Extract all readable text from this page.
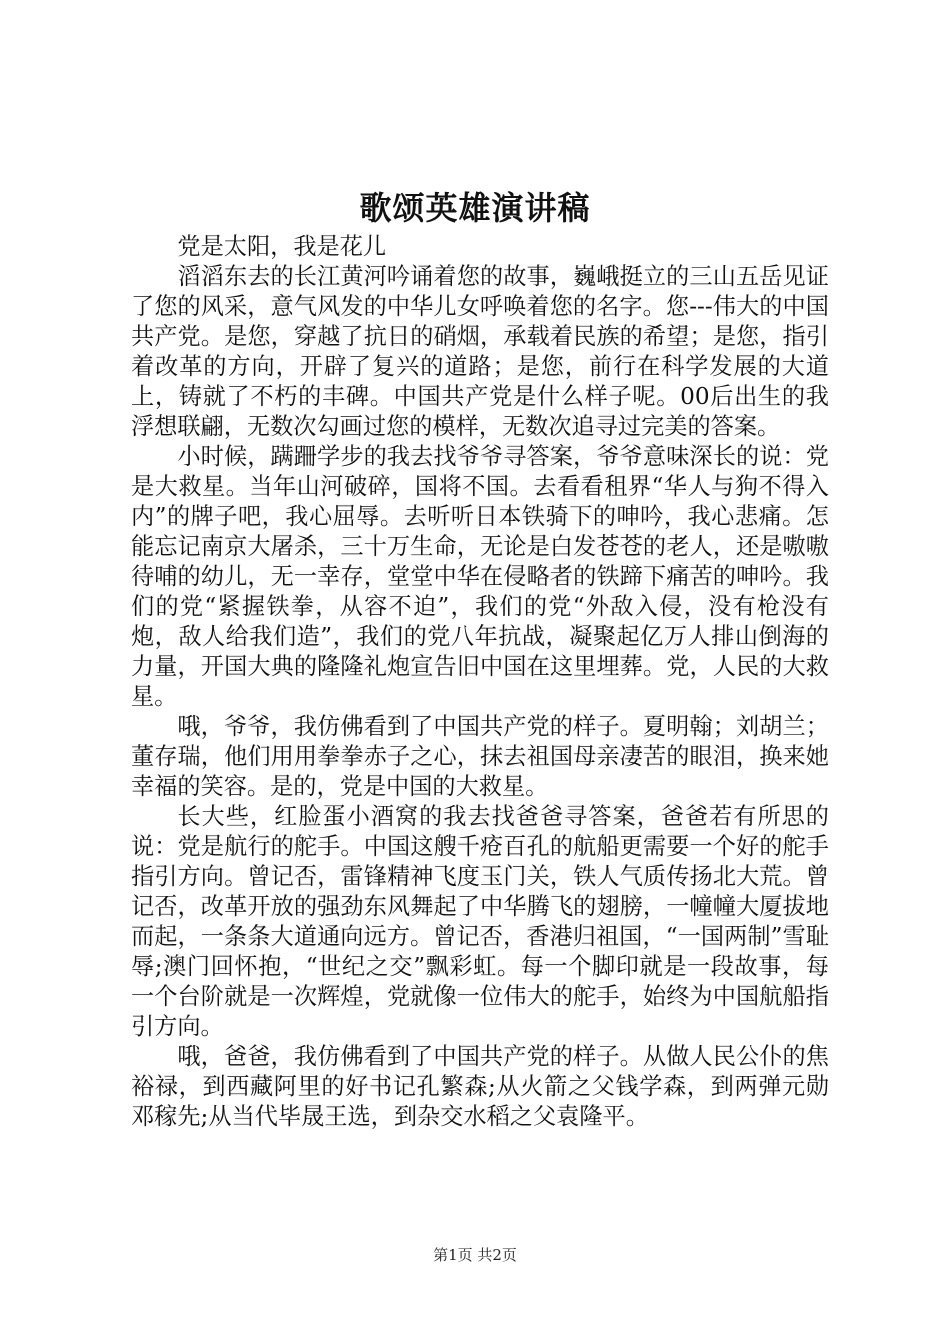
歌颂英雄演讲稿

党是太阳，我是花儿

滔滔东去的长江黄河吟诵着您的故事，巍峨挺立的三山五岳见证了您的风采，意气风发的中华儿女呼唤着您的名字。您---伟大的中国共产党。是您，穿越了抗日的硝烟，承载着民族的希望；是您，指引着改革的方向，开辟了复兴的道路；是您，前行在科学发展的大道上，铸就了不朽的丰碑。中国共产党是什么样子呢。00后出生的我浮想联翩，无数次勾画过您的模样，无数次追寻过完美的答案。

小时候，蹒跚学步的我去找爷爷寻答案，爷爷意味深长的说：党是大救星。当年山河破碎，国将不国。去看看租界“华人与狗不得入内”的牌子吧，我心屈辱。去听听日本铁骑下的呻吟，我心悲痛。怎能忘记南京大屠杀，三十万生命，无论是白发苍苍的老人，还是嗷嗷待哺的幼儿，无一幸存，堂堂中华在侵略者的铁蹄下痛苦的呻吟。我们的党“紧握铁拳，从容不迫”，我们的党“外敌入侵，没有枪没有炮，敌人给我们造”，我们的党八年抗战，凝聚起亿万人排山倒海的力量，开国大典的隆隆礼炮宣告旧中国在这里埋葬。党，人民的大救星。

哦，爷爷，我仿佛看到了中国共产党的样子。夏明翰；刘胡兰；董存瑞，他们用用拳拳赤子之心，抹去祖国母亲凄苦的眼泪，换来她幸福的笑容。是的，党是中国的大救星。

长大些，红脸蛋小酒窝的我去找爸爸寻答案，爸爸若有所思的说：党是航行的舵手。中国这艘千疮百孔的航船更需要一个好的舵手指引方向。曾记否，雷锋精神飞度玉门关，铁人气质传扬北大荒。曾记否，改革开放的强劲东风舞起了中华腾飞的翅膀，一幢幢大厦拔地而起，一条条大道通向远方。曾记否，香港归祖国，“一国两制”雪耻辱;澳门回怀抱，“世纪之交”飘彩虹。每一个脚印就是一段故事，每一个台阶就是一次辉煌，党就像一位伟大的舵手，始终为中国航船指引方向。

哦，爸爸，我仿佛看到了中国共产党的样子。从做人民公仆的焦裕禄，到西藏阿里的好书记孔繁森;从火箭之父钱学森，到两弹元勋邓稼先;从当代毕晟王选，到杂交水稻之父袁隆平。

第1页 共2页
